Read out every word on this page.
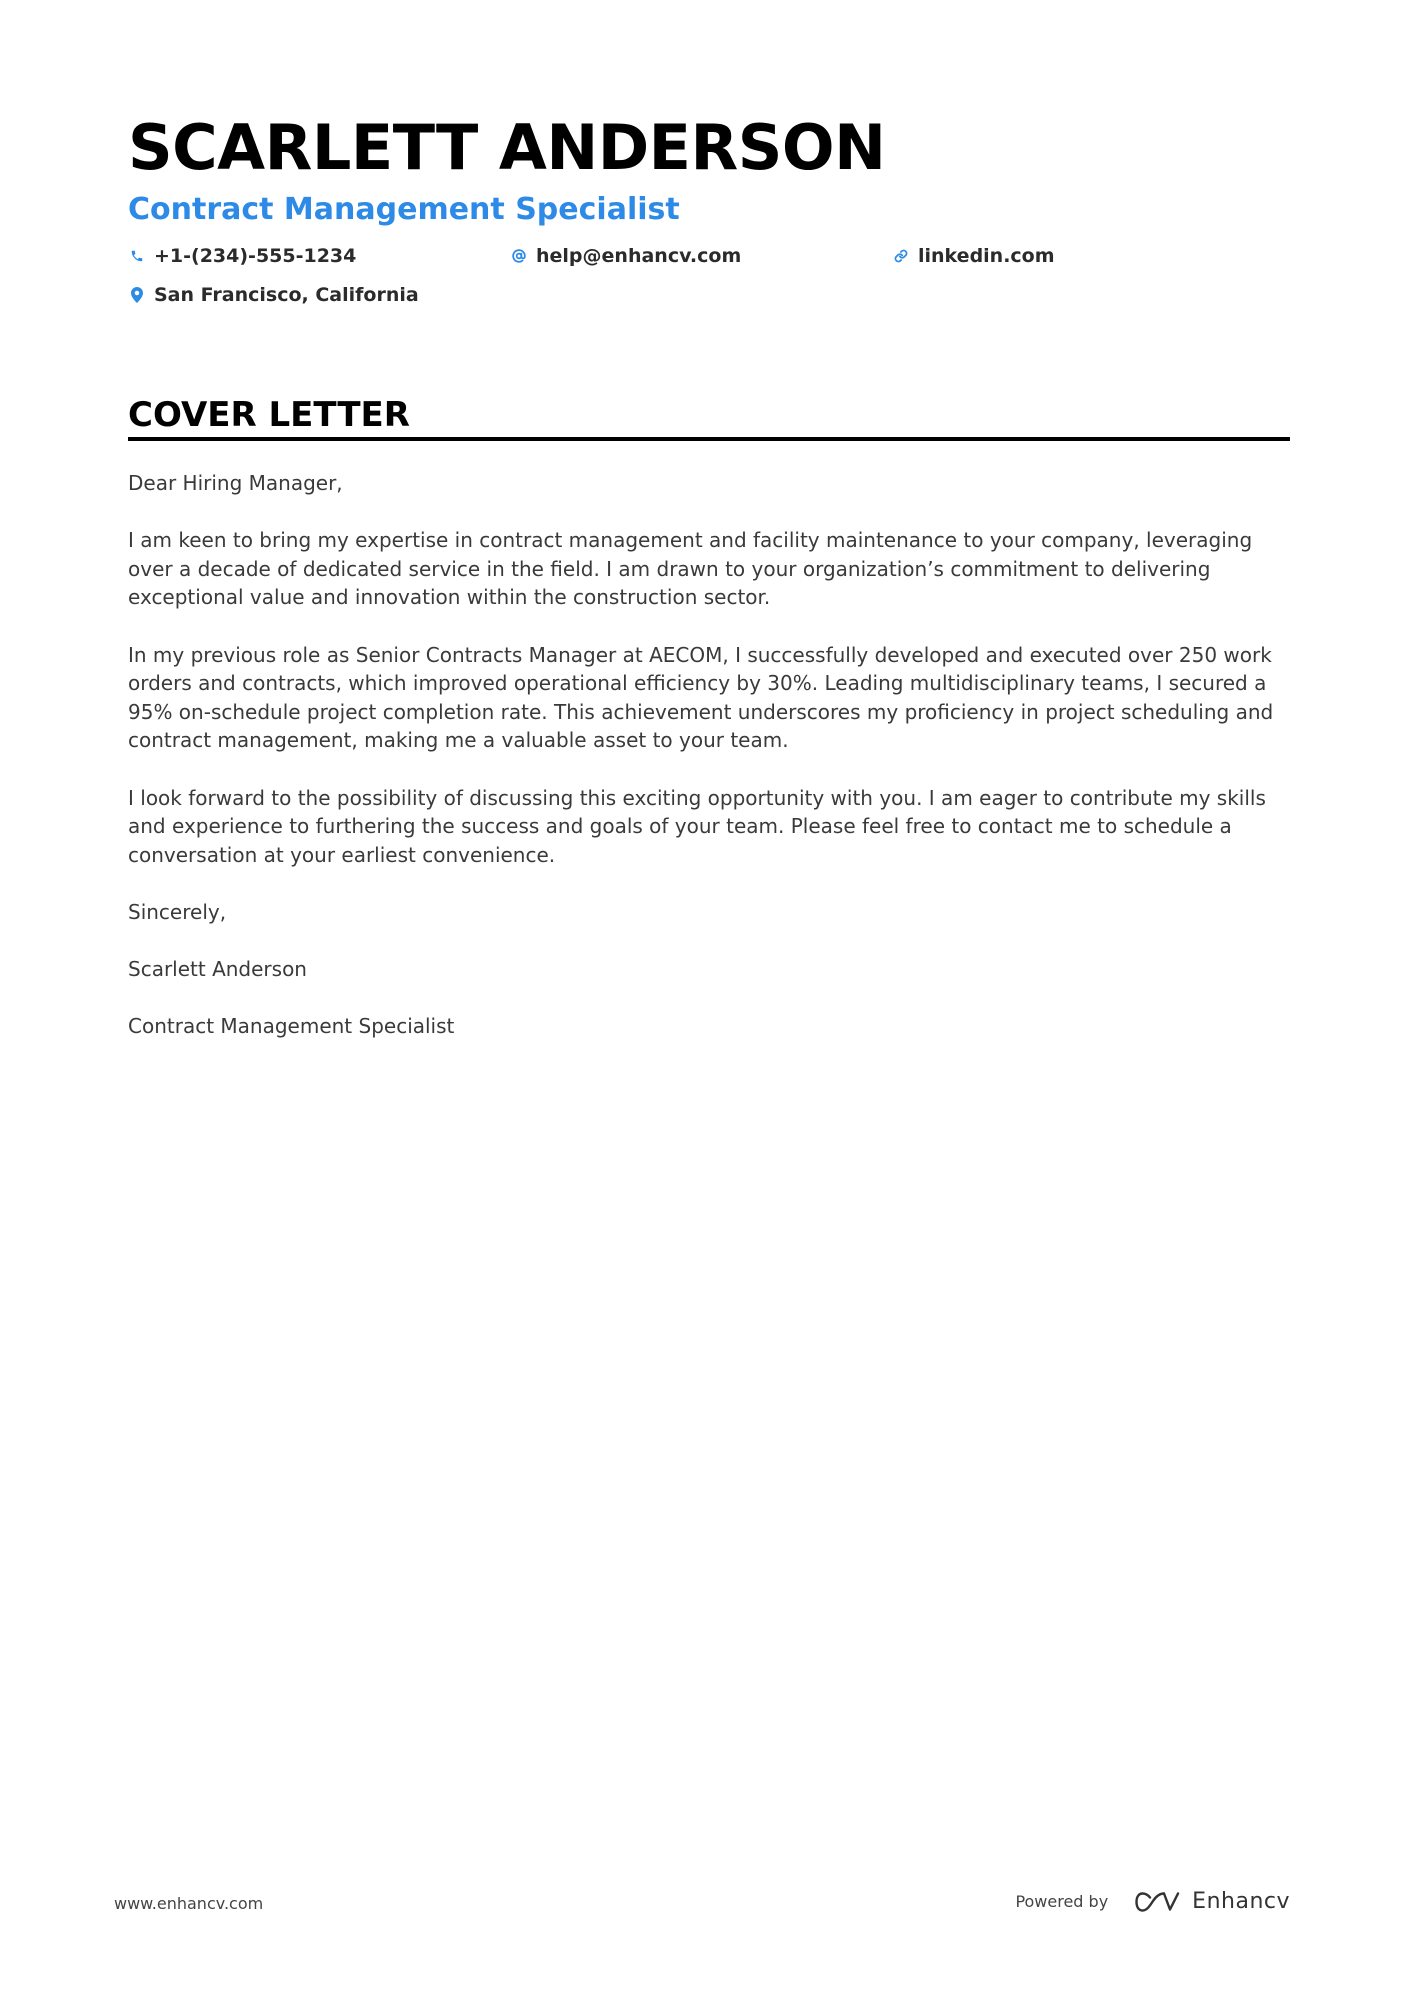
SCARLETT ANDERSON
Contract Management Specialist
+1-(234)-555-1234	help@enhancv.com	linkedin.com
San Francisco, California
COVER LETTER

Dear Hiring Manager,

I am keen to bring my expertise in contract management and facility maintenance to your company, leveraging over a decade of dedicated service in the field. I am drawn to your organization’s commitment to delivering exceptional value and innovation within the construction sector.

In my previous role as Senior Contracts Manager at AECOM, I successfully developed and executed over 250 work orders and contracts, which improved operational efficiency by 30%. Leading multidisciplinary teams, I secured a 95% on-schedule project completion rate. This achievement underscores my proficiency in project scheduling and contract management, making me a valuable asset to your team.

I look forward to the possibility of discussing this exciting opportunity with you. I am eager to contribute my skills and experience to furthering the success and goals of your team. Please feel free to contact me to schedule a conversation at your earliest convenience.

Sincerely,

Scarlett Anderson

Contract Management Specialist

www.enhancv.com	Powered by	Enhancv
